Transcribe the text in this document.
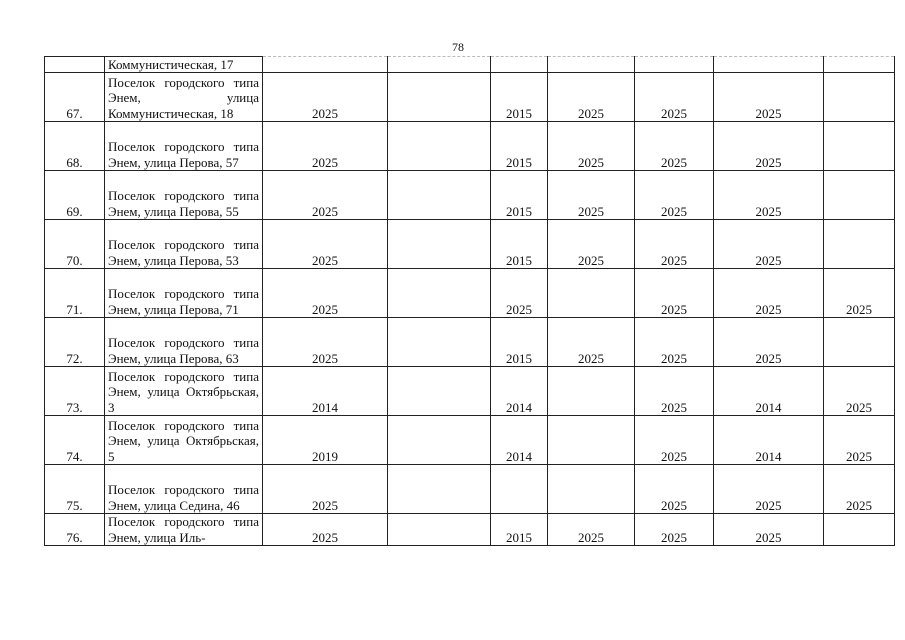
78
	Коммунистическая, 17							
67.	Поселок городского типа Энем, улица Коммунистическая, 18	2025		2015	2025	2025	2025	
68.	Поселок городского типа Энем, улица Перова, 57	2025		2015	2025	2025	2025	
69.	Поселок городского типа Энем, улица Перова, 55	2025		2015	2025	2025	2025	
70.	Поселок городского типа Энем, улица Перова, 53	2025		2015	2025	2025	2025	
71.	Поселок городского типа Энем, улица Перова, 71	2025		2025		2025	2025	2025
72.	Поселок городского типа Энем, улица Перова, 63	2025		2015	2025	2025	2025	
73.	Поселок городского типа Энем, улица Октябрьская, 3	2014		2014		2025	2014	2025
74.	Поселок городского типа Энем, улица Октябрьская, 5	2019		2014		2025	2014	2025
75.	Поселок городского типа Энем, улица Седина, 46	2025				2025	2025	2025
76.	Поселок городского типа Энем, улица Иль-	2025		2015	2025	2025	2025	
